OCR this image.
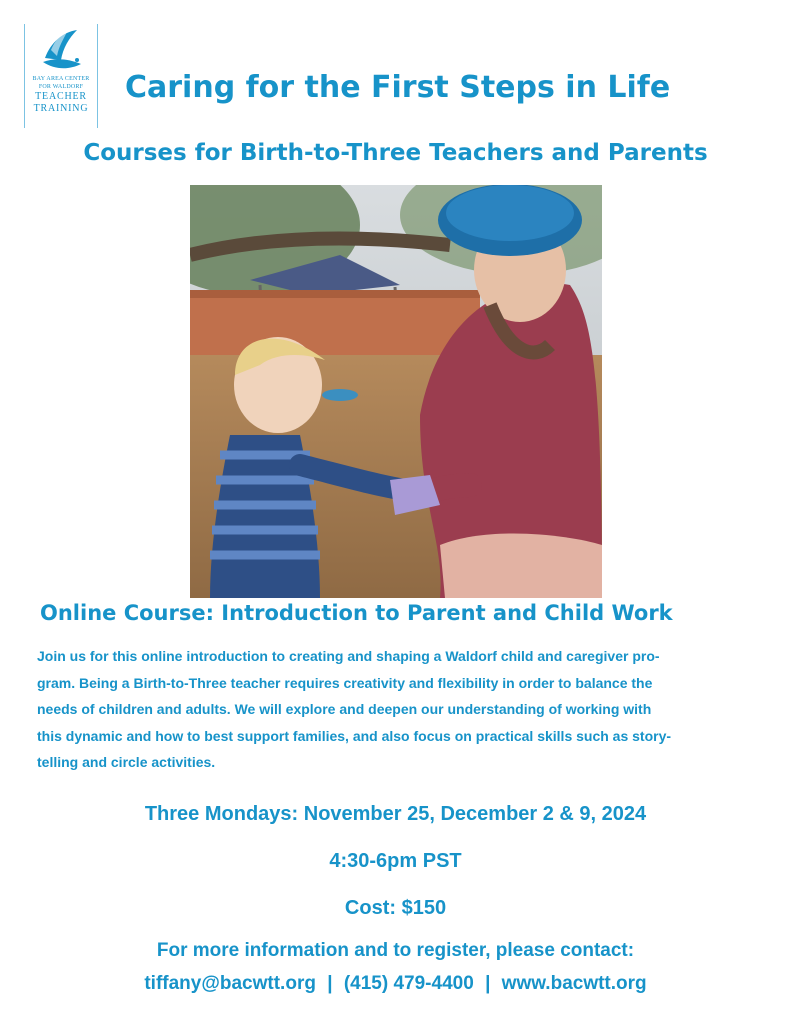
BAY AREA CENTER
FOR WALDORF
TEACHER
TRAINING
Caring for the First Steps in Life
Courses for Birth-to-Three Teachers and Parents
Online Course: Introduction to Parent and Child Work

Join us for this online introduction to creating and shaping a Waldorf child and caregiver pro-
gram. Being a Birth-to-Three teacher requires creativity and flexibility in order to balance the
needs of children and adults. We will explore and deepen our understanding of working with
this dynamic and how to best support families, and also focus on practical skills such as story-
telling and circle activities.

Three Mondays: November 25, December 2 & 9, 2024
4:30-6pm PST
Cost: $150
For more information and to register, please contact:
tiffany@bacwtt.org | (415) 479-4400 | www.bacwtt.org
